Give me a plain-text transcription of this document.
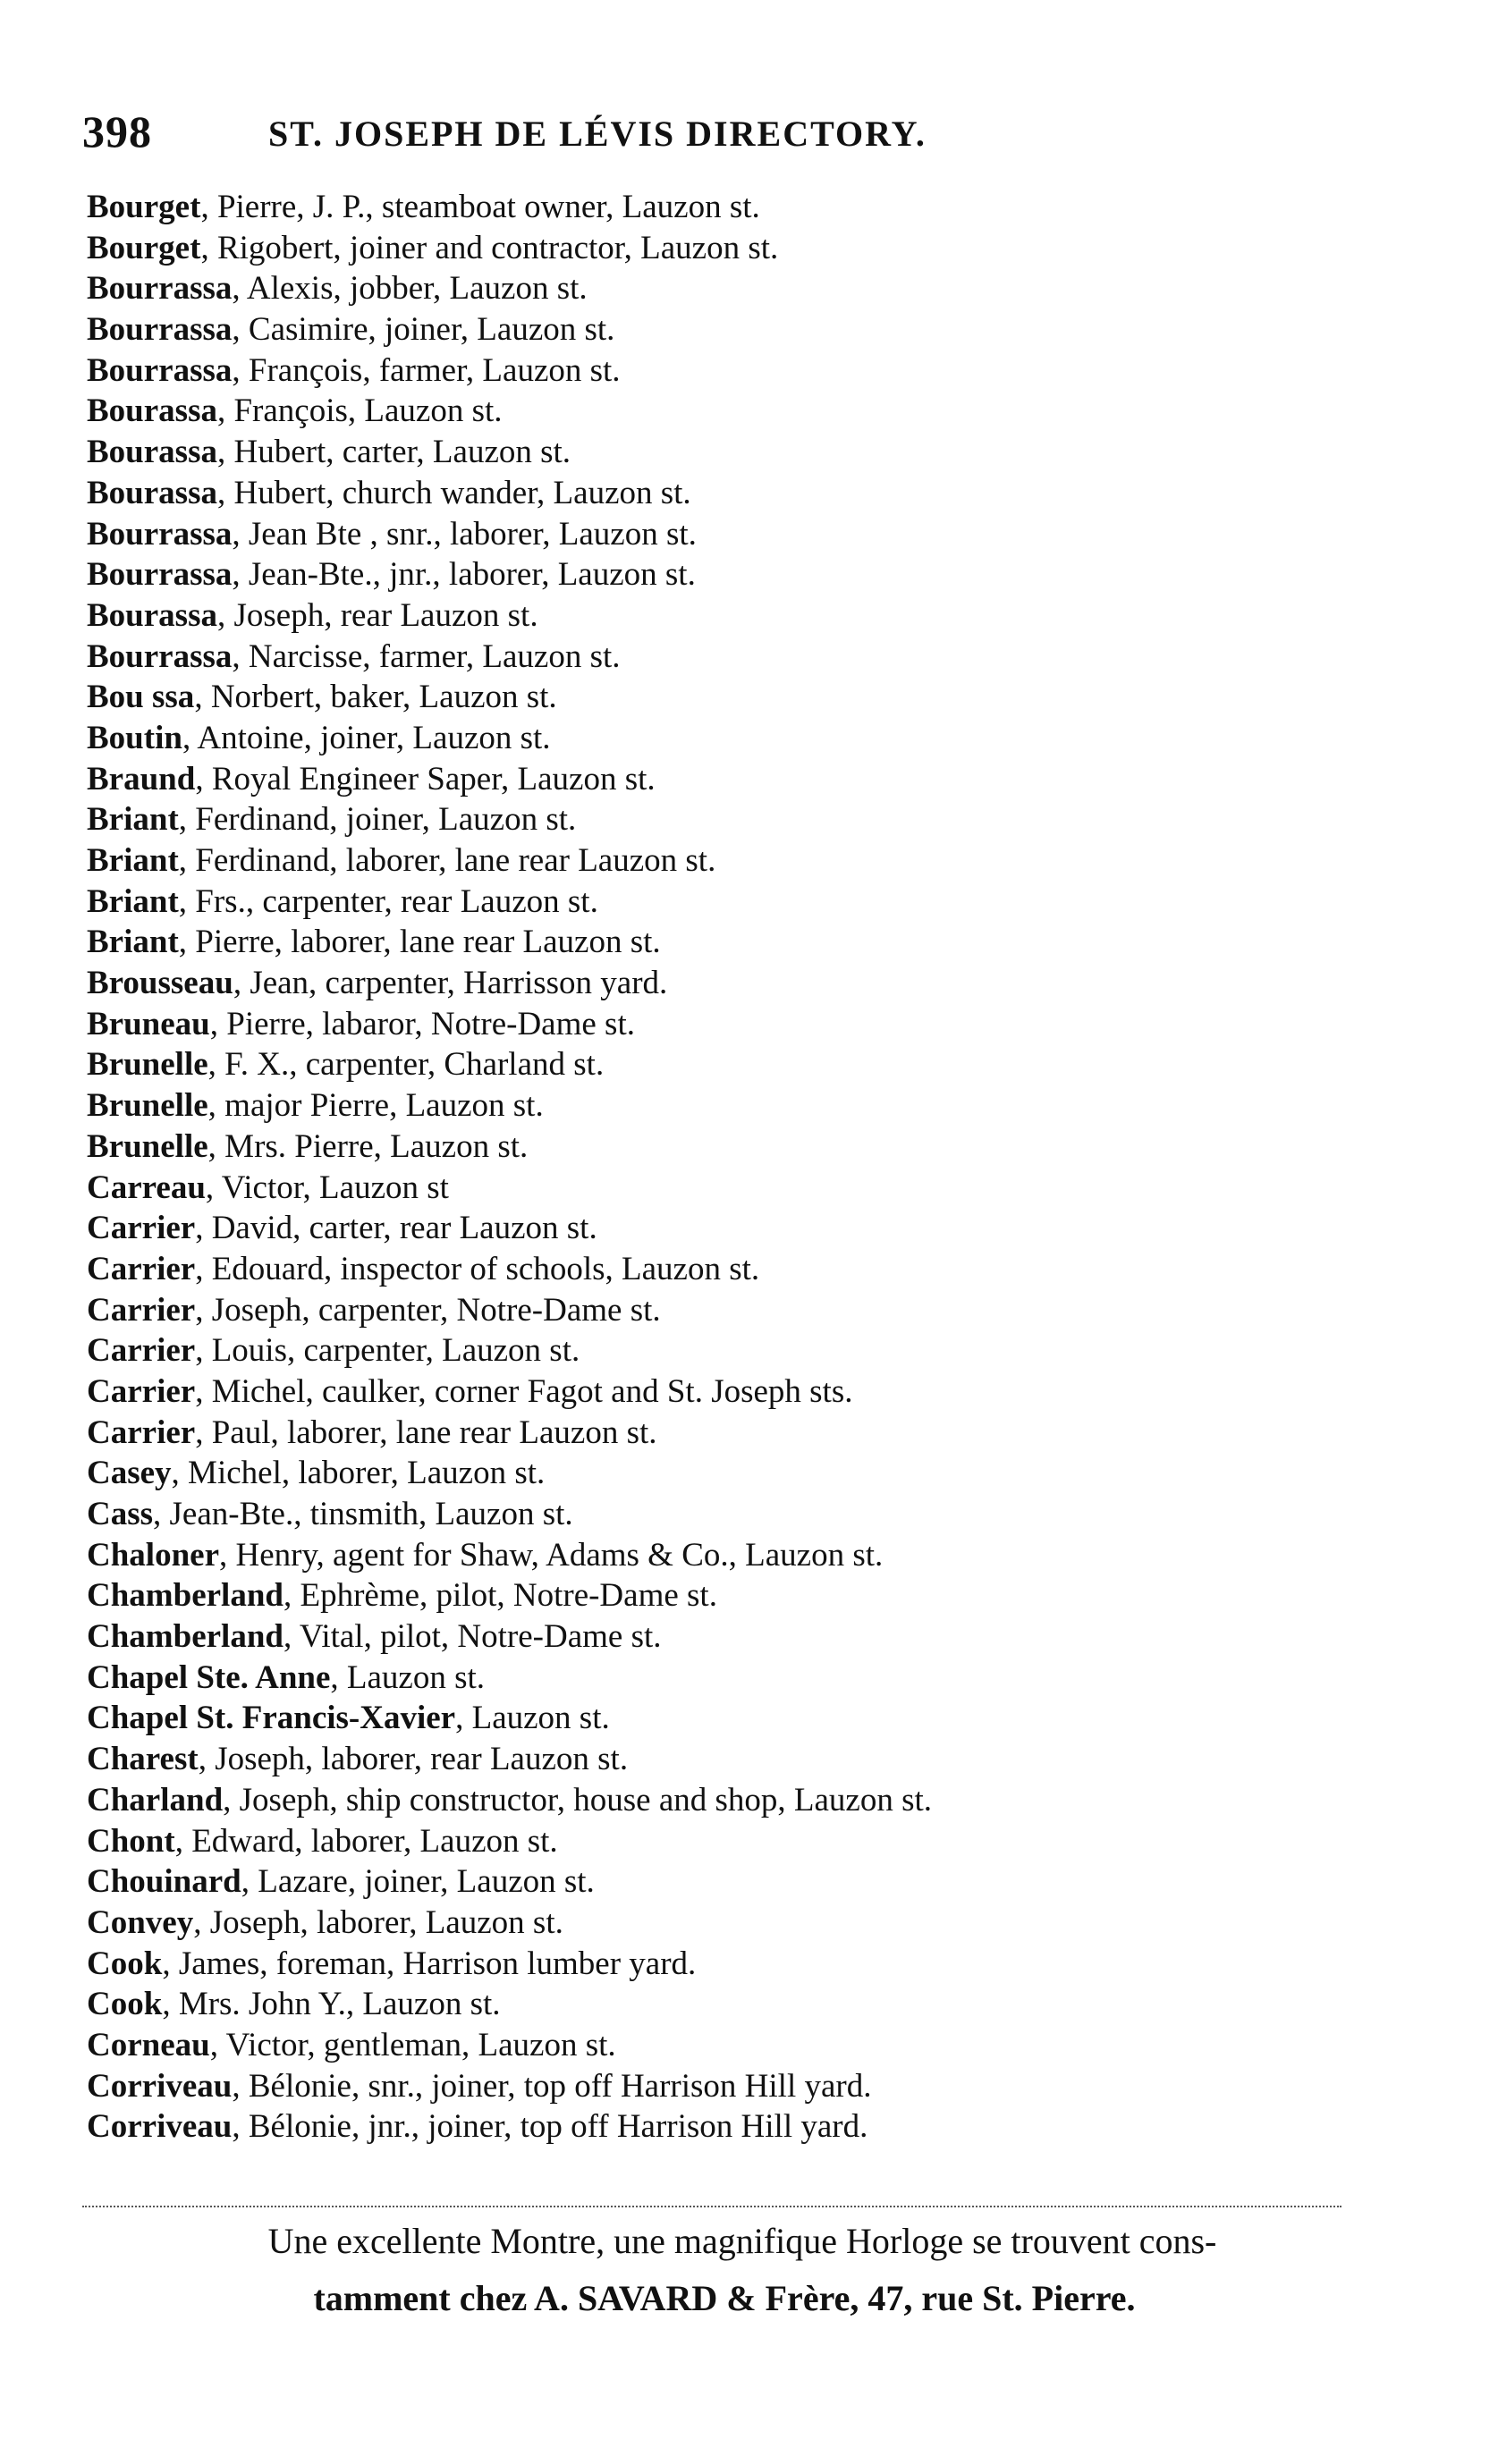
398	ST. JOSEPH DE LÉVIS DIRECTORY.
Bourget, Pierre, J. P., steamboat owner, Lauzon st.
Bourget, Rigobert, joiner and contractor, Lauzon st.
Bourrassa, Alexis, jobber, Lauzon st.
Bourrassa, Casimire, joiner, Lauzon st.
Bourrassa, François, farmer, Lauzon st.
Bourassa, François, Lauzon st.
Bourassa, Hubert, carter, Lauzon st.
Bourassa, Hubert, church wander, Lauzon st.
Bourrassa, Jean Bte , snr., laborer, Lauzon st.
Bourrassa, Jean-Bte., jnr., laborer, Lauzon st.
Bourassa, Joseph, rear Lauzon st.
Bourrassa, Narcisse, farmer, Lauzon st.
Bou ssa, Norbert, baker, Lauzon st.
Boutin, Antoine, joiner, Lauzon st.
Braund, Royal Engineer Saper, Lauzon st.
Briant, Ferdinand, joiner, Lauzon st.
Briant, Ferdinand, laborer, lane rear Lauzon st.
Briant, Frs., carpenter, rear Lauzon st.
Briant, Pierre, laborer, lane rear Lauzon st.
Brousseau, Jean, carpenter, Harrisson yard.
Bruneau, Pierre, labaror, Notre-Dame st.
Brunelle, F. X., carpenter, Charland st.
Brunelle, major Pierre, Lauzon st.
Brunelle, Mrs. Pierre, Lauzon st.
Carreau, Victor, Lauzon st
Carrier, David, carter, rear Lauzon st.
Carrier, Edouard, inspector of schools, Lauzon st.
Carrier, Joseph, carpenter, Notre-Dame st.
Carrier, Louis, carpenter, Lauzon st.
Carrier, Michel, caulker, corner Fagot and St. Joseph sts.
Carrier, Paul, laborer, lane rear Lauzon st.
Casey, Michel, laborer, Lauzon st.
Cass, Jean-Bte., tinsmith, Lauzon st.
Chaloner, Henry, agent for Shaw, Adams & Co., Lauzon st.
Chamberland, Ephrème, pilot, Notre-Dame st.
Chamberland, Vital, pilot, Notre-Dame st.
Chapel Ste. Anne, Lauzon st.
Chapel St. Francis-Xavier, Lauzon st.
Charest, Joseph, laborer, rear Lauzon st.
Charland, Joseph, ship constructor, house and shop, Lauzon st.
Chont, Edward, laborer, Lauzon st.
Chouinard, Lazare, joiner, Lauzon st.
Convey, Joseph, laborer, Lauzon st.
Cook, James, foreman, Harrison lumber yard.
Cook, Mrs. John Y., Lauzon st.
Corneau, Victor, gentleman, Lauzon st.
Corriveau, Bélonie, snr., joiner, top off Harrison Hill yard.
Corriveau, Bélonie, jnr., joiner, top off Harrison Hill yard.
Une excellente Montre, une magnifique Horloge se trouvent cons-
tamment chez A. SAVARD & Frère, 47, rue St. Pierre.
